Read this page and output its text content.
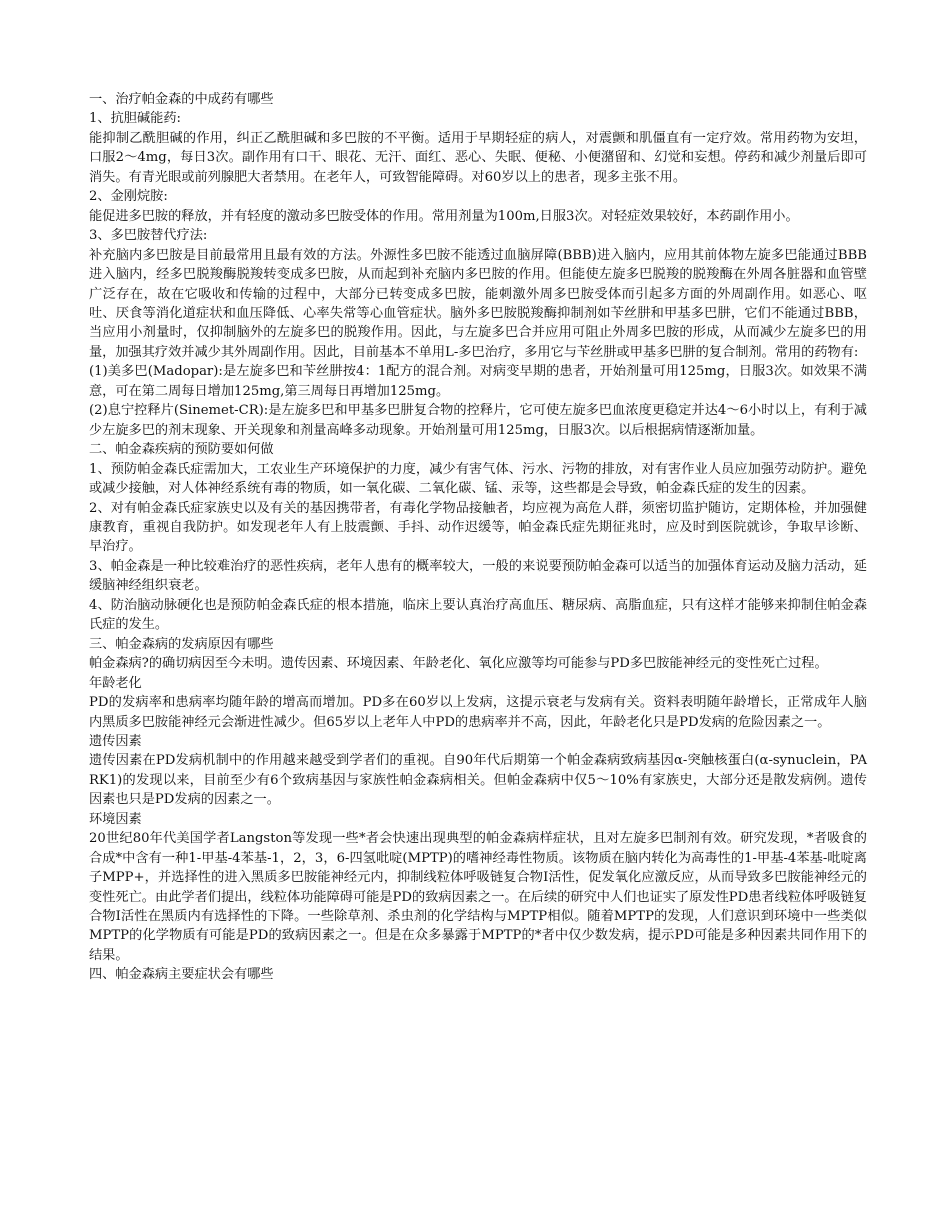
一、治疗帕金森的中成药有哪些

1、抗胆碱能药:

能抑制乙酰胆碱的作用，纠正乙酰胆碱和多巴胺的不平衡。适用于早期轻症的病人，对震颤和肌僵直有一定疗效。常用药物为安坦，口服2～4mg，每日3次。副作用有口干、眼花、无汗、面红、恶心、失眠、便秘、小便潴留和、幻觉和妄想。停药和减少剂量后即可消失。有青光眼或前列腺肥大者禁用。在老年人，可致智能障碍。对60岁以上的患者，现多主张不用。

2、金刚烷胺:

能促进多巴胺的释放，并有轻度的激动多巴胺受体的作用。常用剂量为100m,日服3次。对轻症效果较好，本药副作用小。

3、多巴胺替代疗法:

补充脑内多巴胺是目前最常用且最有效的方法。外源性多巴胺不能透过血脑屏障(BBB)进入脑内，应用其前体物左旋多巴能通过BBB进入脑内，经多巴脱羧酶脱羧转变成多巴胺，从而起到补充脑内多巴胺的作用。但能使左旋多巴脱羧的脱羧酶在外周各脏器和血管壁广泛存在，故在它吸收和传输的过程中，大部分已转变成多巴胺，能刺激外周多巴胺受体而引起多方面的外周副作用。如恶心、呕吐、厌食等消化道症状和血压降低、心率失常等心血管症状。脑外多巴胺脱羧酶抑制剂如苄丝肼和甲基多巴肼，它们不能通过BBB，当应用小剂量时，仅抑制脑外的左旋多巴的脱羧作用。因此，与左旋多巴合并应用可阻止外周多巴胺的形成，从而减少左旋多巴的用量，加强其疗效并减少其外周副作用。因此，目前基本不单用L-多巴治疗，多用它与苄丝肼或甲基多巴肼的复合制剂。常用的药物有:

(1)美多巴(Madopar):是左旋多巴和苄丝肼按4：1配方的混合剂。对病变早期的患者，开始剂量可用125mg，日服3次。如效果不满意，可在第二周每日增加125mg,第三周每日再增加125mg。

(2)息宁控释片(Sinemet-CR):是左旋多巴和甲基多巴肼复合物的控释片，它可使左旋多巴血浓度更稳定并达4～6小时以上，有利于减少左旋多巴的剂末现象、开关现象和剂量高峰多动现象。开始剂量可用125mg，日服3次。以后根据病情逐渐加量。

二、帕金森疾病的预防要如何做

1、预防帕金森氏症需加大，工农业生产环境保护的力度，减少有害气体、污水、污物的排放，对有害作业人员应加强劳动防护。避免或减少接触，对人体神经系统有毒的物质，如一氧化碳、二氧化碳、锰、汞等，这些都是会导致，帕金森氏症的发生的因素。

2、对有帕金森氏症家族史以及有关的基因携带者，有毒化学物品接触者，均应视为高危人群，须密切监护随访，定期体检，并加强健康教育，重视自我防护。如发现老年人有上肢震颤、手抖、动作迟缓等，帕金森氏症先期征兆时，应及时到医院就诊，争取早诊断、早治疗。

3、帕金森是一种比较难治疗的恶性疾病，老年人患有的概率较大，一般的来说要预防帕金森可以适当的加强体育运动及脑力活动，延缓脑神经组织衰老。

4、防治脑动脉硬化也是预防帕金森氏症的根本措施，临床上要认真治疗高血压、糖尿病、高脂血症，只有这样才能够来抑制住帕金森氏症的发生。

三、帕金森病的发病原因有哪些

帕金森病?的确切病因至今未明。遗传因素、环境因素、年龄老化、氧化应激等均可能参与PD多巴胺能神经元的变性死亡过程。

年龄老化

PD的发病率和患病率均随年龄的增高而增加。PD多在60岁以上发病，这提示衰老与发病有关。资料表明随年龄增长，正常成年人脑内黑质多巴胺能神经元会渐进性减少。但65岁以上老年人中PD的患病率并不高，因此，年龄老化只是PD发病的危险因素之一。

遗传因素

遗传因素在PD发病机制中的作用越来越受到学者们的重视。自90年代后期第一个帕金森病致病基因α-突触核蛋白(α-synuclein，PARK1)的发现以来，目前至少有6个致病基因与家族性帕金森病相关。但帕金森病中仅5～10%有家族史，大部分还是散发病例。遗传因素也只是PD发病的因素之一。

环境因素

20世纪80年代美国学者Langston等发现一些*者会快速出现典型的帕金森病样症状，且对左旋多巴制剂有效。研究发现，*者吸食的合成*中含有一种1-甲基-4苯基-1，2，3，6-四氢吡啶(MPTP)的嗜神经毒性物质。该物质在脑内转化为高毒性的1-甲基-4苯基-吡啶离子MPP+，并选择性的进入黑质多巴胺能神经元内，抑制线粒体呼吸链复合物I活性，促发氧化应激反应，从而导致多巴胺能神经元的变性死亡。由此学者们提出，线粒体功能障碍可能是PD的致病因素之一。在后续的研究中人们也证实了原发性PD患者线粒体呼吸链复合物I活性在黑质内有选择性的下降。一些除草剂、杀虫剂的化学结构与MPTP相似。随着MPTP的发现，人们意识到环境中一些类似MPTP的化学物质有可能是PD的致病因素之一。但是在众多暴露于MPTP的*者中仅少数发病，提示PD可能是多种因素共同作用下的结果。

四、帕金森病主要症状会有哪些
